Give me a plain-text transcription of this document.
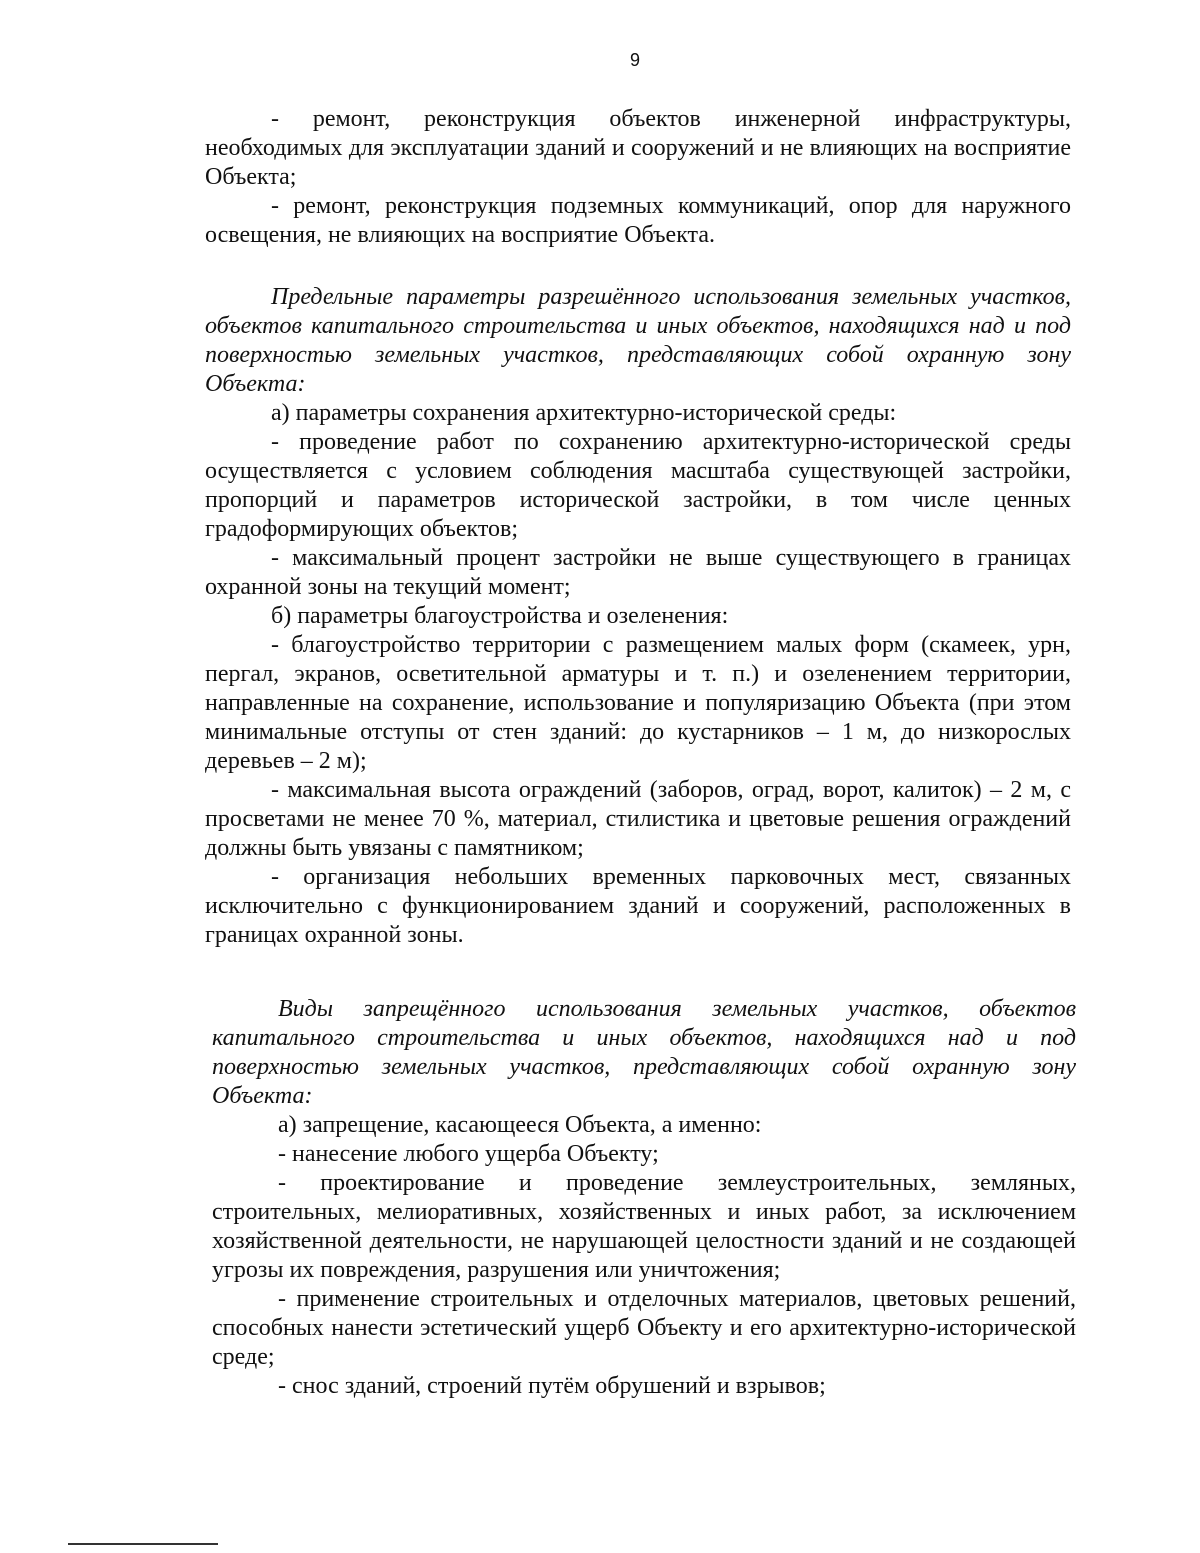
9

- ремонт, реконструкция объектов инженерной инфраструктуры, необходимых для эксплуатации зданий и сооружений и не влияющих на восприятие Объекта;

- ремонт, реконструкция подземных коммуникаций, опор для наружного освещения, не влияющих на восприятие Объекта.

Предельные параметры разрешённого использования земельных участков, объектов капитального строительства и иных объектов, находящихся над и под поверхностью земельных участков, представляющих собой охранную зону Объекта:

а) параметры сохранения архитектурно-исторической среды:

- проведение работ по сохранению архитектурно-исторической среды осуществляется с условием соблюдения масштаба существующей застройки, пропорций и параметров исторической застройки, в том числе ценных градоформирующих объектов;

- максимальный процент застройки не выше существующего в границах охранной зоны на текущий момент;

б) параметры благоустройства и озеленения:

- благоустройство территории с размещением малых форм (скамеек, урн, пергал, экранов, осветительной арматуры и т. п.) и озеленением территории, направленные на сохранение, использование и популяризацию Объекта (при этом минимальные отступы от стен зданий: до кустарников – 1 м, до низкорослых деревьев – 2 м);

- максимальная высота ограждений (заборов, оград, ворот, калиток) – 2 м, с просветами не менее 70 %, материал, стилистика и цветовые решения ограждений должны быть увязаны с памятником;

- организация небольших временных парковочных мест, связанных исключительно с функционированием зданий и сооружений, расположенных в границах охранной зоны.

Виды запрещённого использования земельных участков, объектов капитального строительства и иных объектов, находящихся над и под поверхностью земельных участков, представляющих собой охранную зону Объекта:

а) запрещение, касающееся Объекта, а именно:

- нанесение любого ущерба Объекту;

- проектирование и проведение землеустроительных, земляных, строительных, мелиоративных, хозяйственных и иных работ, за исключением хозяйственной деятельности, не нарушающей целостности зданий и не создающей угрозы их повреждения, разрушения или уничтожения;

- применение строительных и отделочных материалов, цветовых решений, способных нанести эстетический ущерб Объекту и его архитектурно-исторической среде;

- снос зданий, строений путём обрушений и взрывов;
